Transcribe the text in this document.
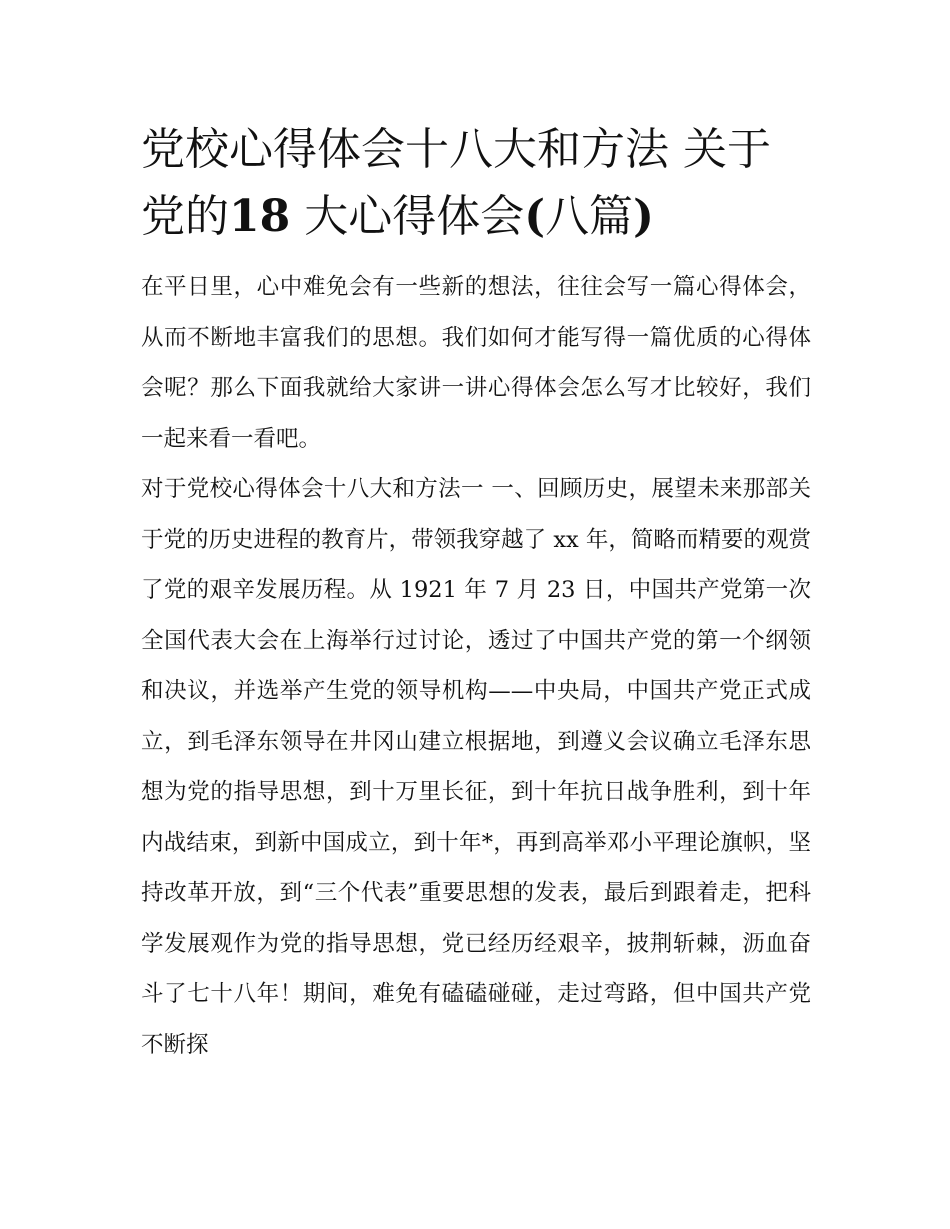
党校心得体会十八大和方法 关于党的18 大心得体会(八篇)

在平日里，心中难免会有一些新的想法，往往会写一篇心得体会，从而不断地丰富我们的思想。我们如何才能写得一篇优质的心得体会呢？那么下面我就给大家讲一讲心得体会怎么写才比较好，我们一起来看一看吧。

对于党校心得体会十八大和方法一 一、回顾历史，展望未来那部关于党的历史进程的教育片，带领我穿越了 xx 年，简略而精要的观赏了党的艰辛发展历程。从 1921 年 7 月 23 日，中国共产党第一次全国代表大会在上海举行过讨论，透过了中国共产党的第一个纲领和决议，并选举产生党的领导机构——中央局，中国共产党正式成立，到毛泽东领导在井冈山建立根据地，到遵义会议确立毛泽东思想为党的指导思想，到十万里长征，到十年抗日战争胜利，到十年内战结束，到新中国成立，到十年*，再到高举邓小平理论旗帜，坚持改革开放，到“三个代表”重要思想的发表，最后到跟着走，把科学发展观作为党的指导思想，党已经历经艰辛，披荆斩棘，沥血奋斗了七十八年！期间，难免有磕磕碰碰，走过弯路，但中国共产党不断探
